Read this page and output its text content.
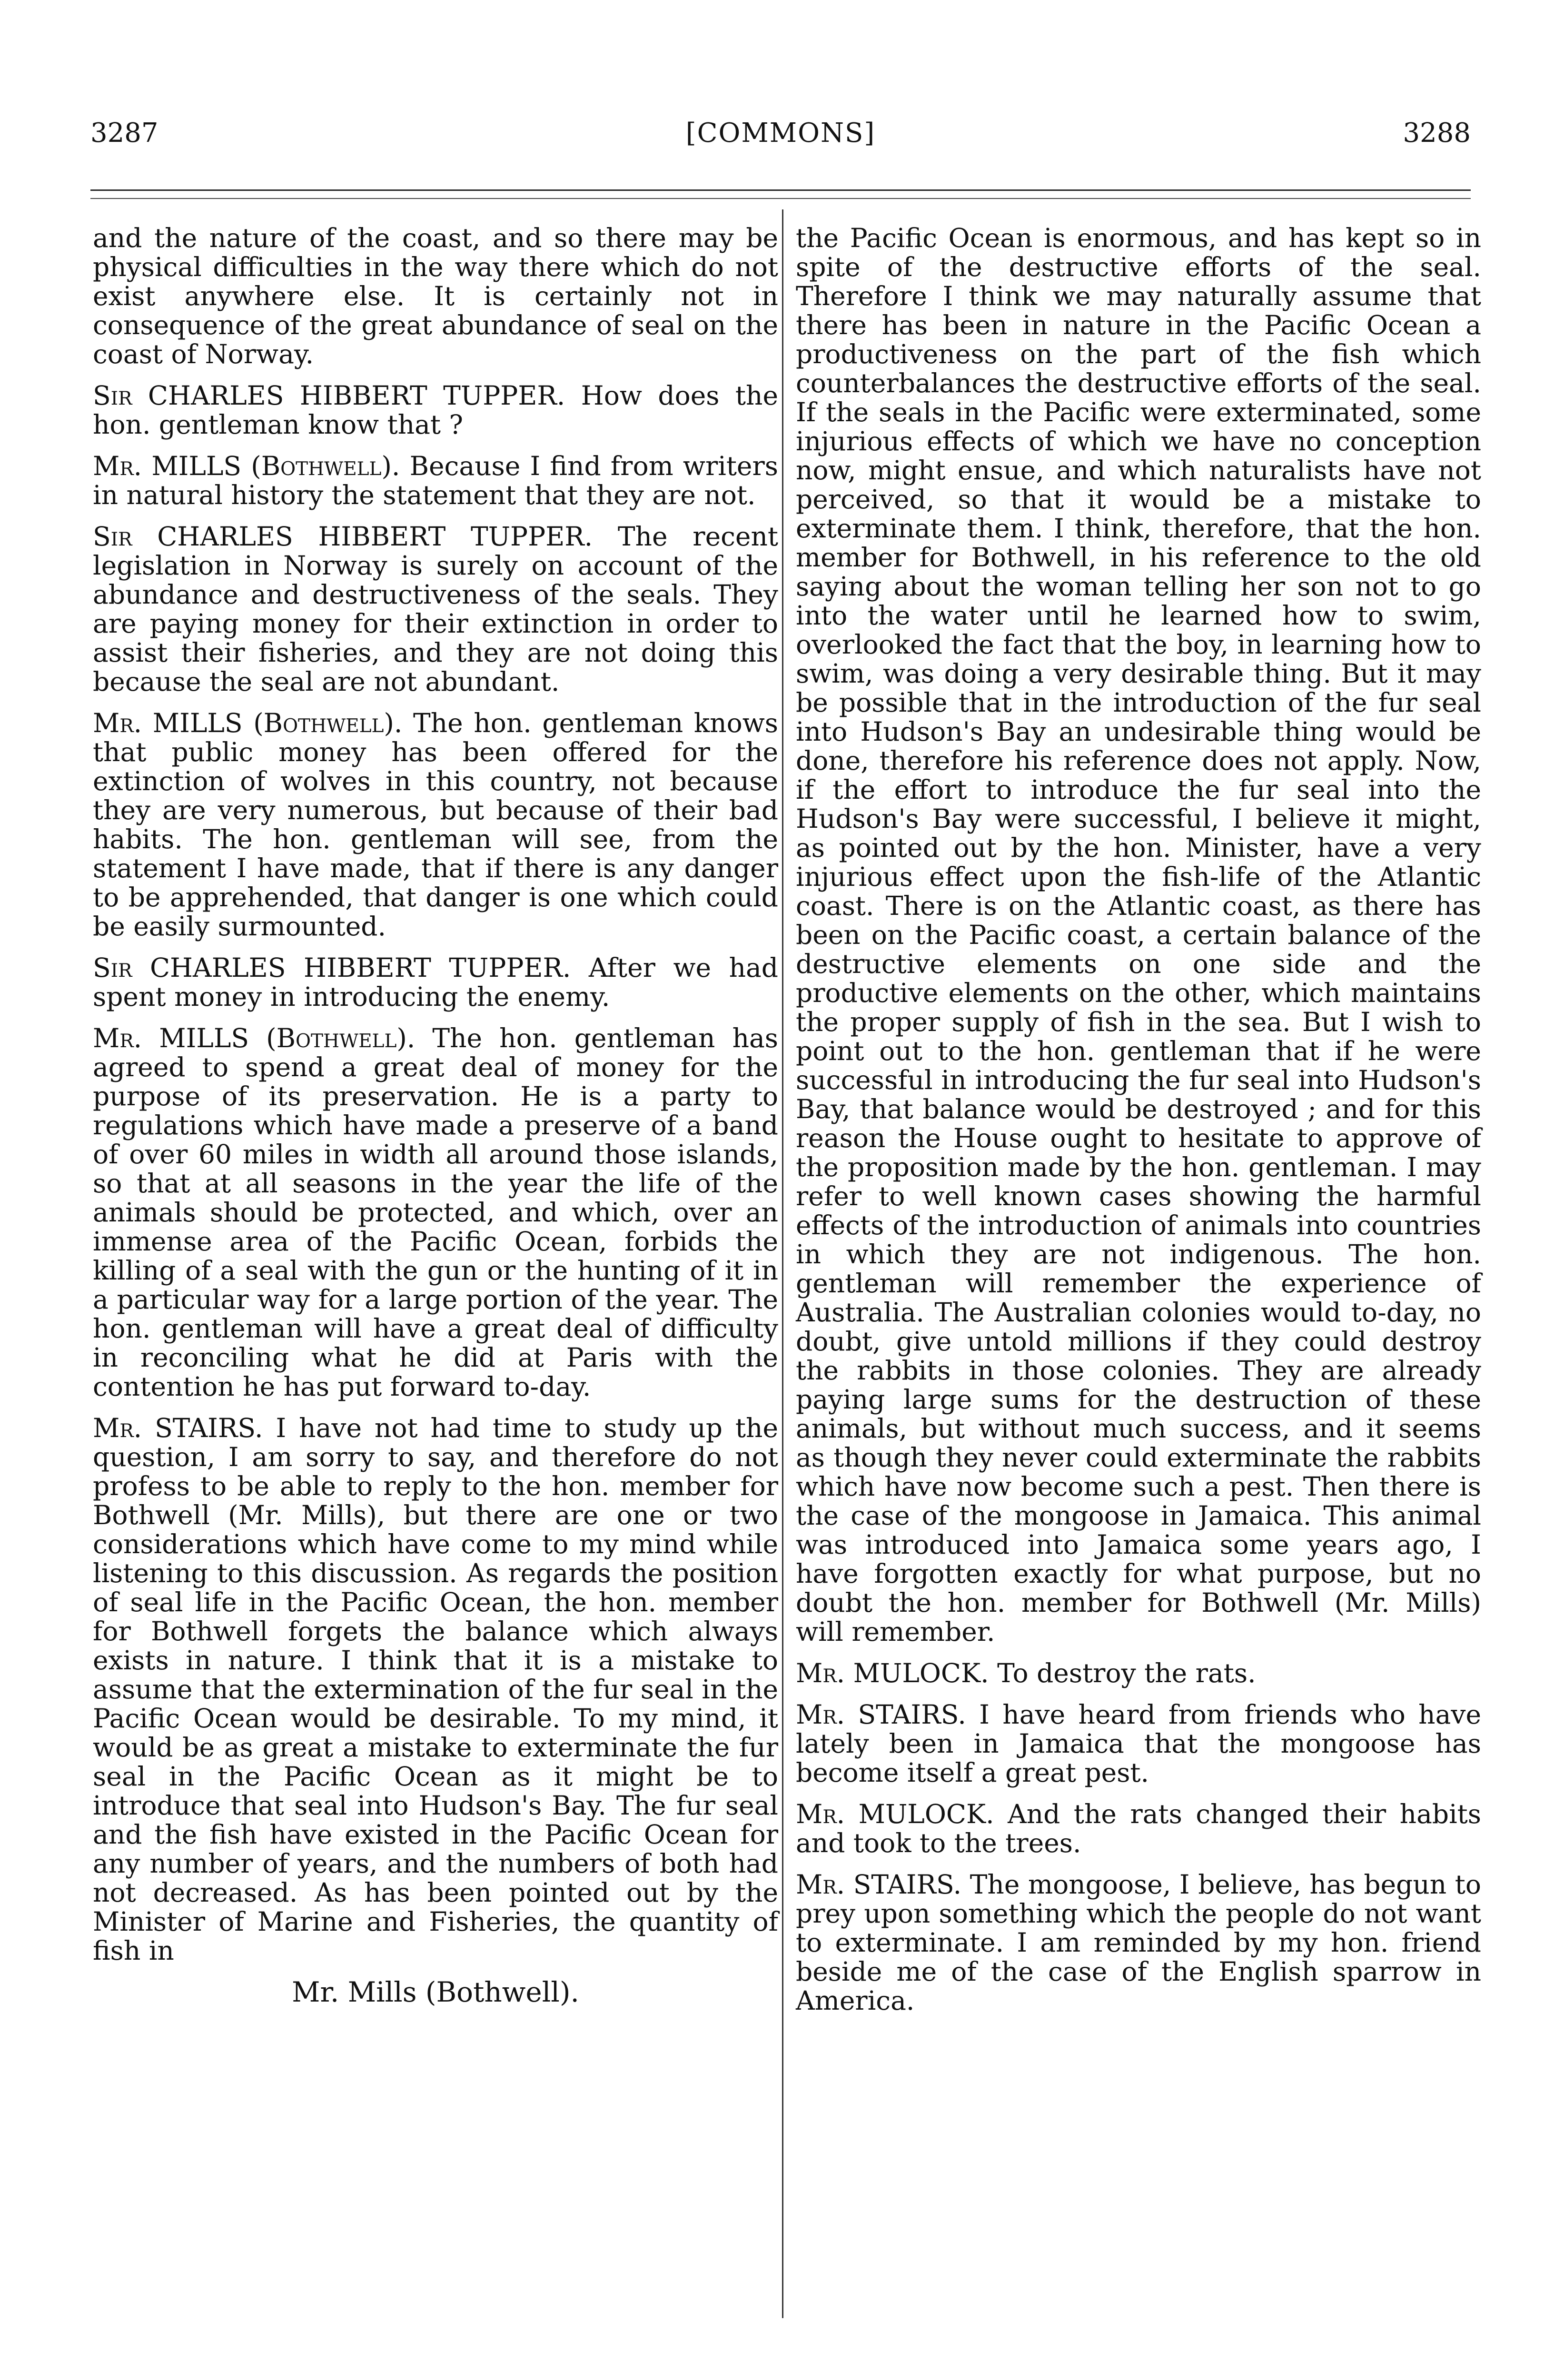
3287	[COMMONS]	3288

and the nature of the coast, and so there may be physical difficulties in the way there which do not exist anywhere else. It is certainly not in consequence of the great abundance of seal on the coast of Norway.

Sir CHARLES HIBBERT TUPPER. How does the hon. gentleman know that ?

Mr. MILLS (Bothwell). Because I find from writers in natural history the statement that they are not.

Sir CHARLES HIBBERT TUPPER. The recent legislation in Norway is surely on account of the abundance and destructiveness of the seals. They are paying money for their extinction in order to assist their fisheries, and they are not doing this because the seal are not abundant.

Mr. MILLS (Bothwell). The hon. gentleman knows that public money has been offered for the extinction of wolves in this country, not because they are very numerous, but because of their bad habits. The hon. gentleman will see, from the statement I have made, that if there is any danger to be apprehended, that danger is one which could be easily surmounted.

Sir CHARLES HIBBERT TUPPER. After we had spent money in introducing the enemy.

Mr. MILLS (Bothwell). The hon. gentleman has agreed to spend a great deal of money for the purpose of its preservation. He is a party to regulations which have made a preserve of a band of over 60 miles in width all around those islands, so that at all seasons in the year the life of the animals should be protected, and which, over an immense area of the Pacific Ocean, forbids the killing of a seal with the gun or the hunting of it in a particular way for a large portion of the year. The hon. gentleman will have a great deal of difficulty in reconciling what he did at Paris with the contention he has put forward to-day.

Mr. STAIRS. I have not had time to study up the question, I am sorry to say, and therefore do not profess to be able to reply to the hon. member for Bothwell (Mr. Mills), but there are one or two considerations which have come to my mind while listening to this discussion. As regards the position of seal life in the Pacific Ocean, the hon. member for Bothwell forgets the balance which always exists in nature. I think that it is a mistake to assume that the extermination of the fur seal in the Pacific Ocean would be desirable. To my mind, it would be as great a mistake to exterminate the fur seal in the Pacific Ocean as it might be to introduce that seal into Hudson's Bay. The fur seal and the fish have existed in the Pacific Ocean for any number of years, and the numbers of both had not decreased. As has been pointed out by the Minister of Marine and Fisheries, the quantity of fish in

Mr. Mills (Bothwell).

the Pacific Ocean is enormous, and has kept so in spite of the destructive efforts of the seal. Therefore I think we may naturally assume that there has been in nature in the Pacific Ocean a productiveness on the part of the fish which counterbalances the destructive efforts of the seal. If the seals in the Pacific were exterminated, some injurious effects of which we have no conception now, might ensue, and which naturalists have not perceived, so that it would be a mistake to exterminate them. I think, therefore, that the hon. member for Bothwell, in his reference to the old saying about the woman telling her son not to go into the water until he learned how to swim, overlooked the fact that the boy, in learning how to swim, was doing a very desirable thing. But it may be possible that in the introduction of the fur seal into Hudson's Bay an undesirable thing would be done, therefore his reference does not apply. Now, if the effort to introduce the fur seal into the Hudson's Bay were successful, I believe it might, as pointed out by the hon. Minister, have a very injurious effect upon the fish-life of the Atlantic coast. There is on the Atlantic coast, as there has been on the Pacific coast, a certain balance of the destructive elements on one side and the productive elements on the other, which maintains the proper supply of fish in the sea. But I wish to point out to the hon. gentleman that if he were successful in introducing the fur seal into Hudson's Bay, that balance would be destroyed ; and for this reason the House ought to hesitate to approve of the proposition made by the hon. gentleman. I may refer to well known cases showing the harmful effects of the introduction of animals into countries in which they are not indigenous. The hon. gentleman will remember the experience of Australia. The Australian colonies would to-day, no doubt, give untold millions if they could destroy the rabbits in those colonies. They are already paying large sums for the destruction of these animals, but without much success, and it seems as though they never could exterminate the rabbits which have now become such a pest. Then there is the case of the mongoose in Jamaica. This animal was introduced into Jamaica some years ago, I have forgotten exactly for what purpose, but no doubt the hon. member for Bothwell (Mr. Mills) will remember.

Mr. MULOCK. To destroy the rats.

Mr. STAIRS. I have heard from friends who have lately been in Jamaica that the mongoose has become itself a great pest.

Mr. MULOCK. And the rats changed their habits and took to the trees.

Mr. STAIRS. The mongoose, I believe, has begun to prey upon something which the people do not want to exterminate. I am reminded by my hon. friend beside me of the case of the English sparrow in America.
